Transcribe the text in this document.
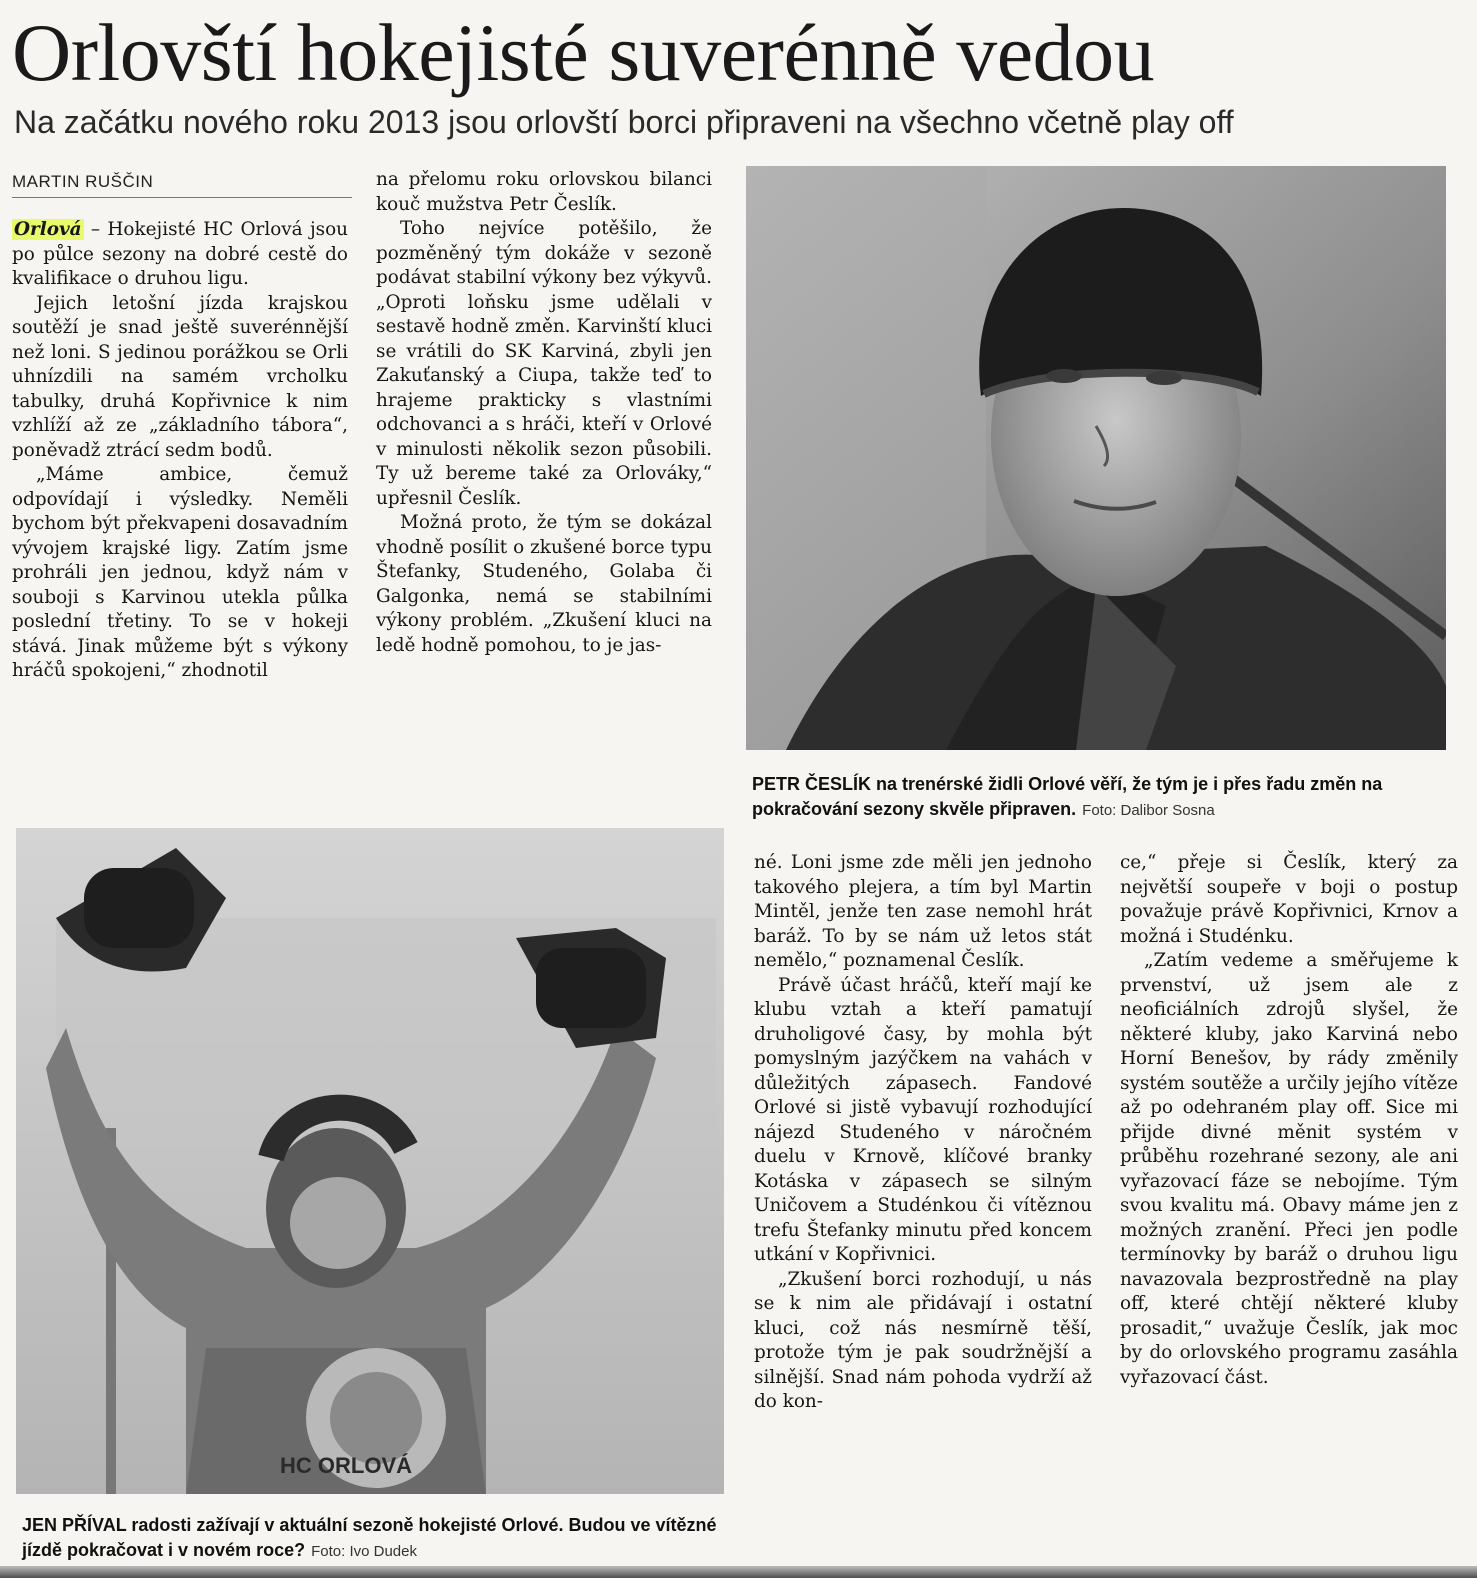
Orlovští hokejisté suverénně vedou
Na začátku nového roku 2013 jsou orlovští borci připraveni na všechno včetně play off
MARTIN RUŠČIN

Orlová – Hokejisté HC Orlová jsou po půlce sezony na dobré cestě do kvalifikace o druhou ligu.

Jejich letošní jízda krajskou soutěží je snad ještě suverénnější než loni. S jedinou porážkou se Orli uhnízdili na samém vrcholku tabulky, druhá Kopřivnice k nim vzhlíží až ze „základního tábora“, poněvadž ztrácí sedm bodů.

„Máme ambice, čemuž odpovídají i výsledky. Neměli bychom být překvapeni dosavadním vývojem krajské ligy. Zatím jsme prohráli jen jednou, když nám v souboji s Karvinou utekla půlka poslední třetiny. To se v hokeji stává. Jinak můžeme být s výkony hráčů spokojeni,“ zhodnotil

na přelomu roku orlovskou bilanci kouč mužstva Petr Česlík.

Toho nejvíce potěšilo, že pozměněný tým dokáže v sezoně podávat stabilní výkony bez výkyvů. „Oproti loňsku jsme udělali v sestavě hodně změn. Karvinští kluci se vrátili do SK Karviná, zbyli jen Zakuťanský a Ciupa, takže teď to hrajeme prakticky s vlastními odchovanci a s hráči, kteří v Orlové v minulosti několik sezon působili. Ty už bereme také za Orlováky,“ upřesnil Česlík.

Možná proto, že tým se dokázal vhodně posílit o zkušené borce typu Štefanky, Studeného, Golaba či Galgonka, nemá se stabilními výkony problém. „Zkušení kluci na ledě hodně pomohou, to je jas-

PETR ČESLÍK na trenérské židli Orlové věří, že tým je i přes řadu změn na pokračování sezony skvěle připraven. Foto: Dalibor Sosna
HC ORLOVÁ
JEN PŘÍVAL radosti zažívají v aktuální sezoně hokejisté Orlové. Budou ve vítězné jízdě pokračovat i v novém roce? Foto: Ivo Dudek

né. Loni jsme zde měli jen jednoho takového plejera, a tím byl Martin Mintěl, jenže ten zase nemohl hrát baráž. To by se nám už letos stát nemělo,“ poznamenal Česlík.

Právě účast hráčů, kteří mají ke klubu vztah a kteří pamatují druholigové časy, by mohla být pomyslným jazýčkem na vahách v důležitých zápasech. Fandové Orlové si jistě vybavují rozhodující nájezd Studeného v náročném duelu v Krnově, klíčové branky Kotáska v zápasech se silným Uničovem a Studénkou či vítěznou trefu Štefanky minutu před koncem utkání v Kopřivnici.

„Zkušení borci rozhodují, u nás se k nim ale přidávají i ostatní kluci, což nás nesmírně těší, protože tým je pak soudržnější a silnější. Snad nám pohoda vydrží až do kon-

ce,“ přeje si Česlík, který za největší soupeře v boji o postup považuje právě Kopřivnici, Krnov a možná i Studénku.

„Zatím vedeme a směřujeme k prvenství, už jsem ale z neoficiálních zdrojů slyšel, že některé kluby, jako Karviná nebo Horní Benešov, by rády změnily systém soutěže a určily jejího vítěze až po odehraném play off. Sice mi přijde divné měnit systém v průběhu rozehrané sezony, ale ani vyřazovací fáze se nebojíme. Tým svou kvalitu má. Obavy máme jen z možných zranění. Přeci jen podle termínovky by baráž o druhou ligu navazovala bezprostředně na play off, které chtějí některé kluby prosadit,“ uvažuje Česlík, jak moc by do orlovského programu zasáhla vyřazovací část.
